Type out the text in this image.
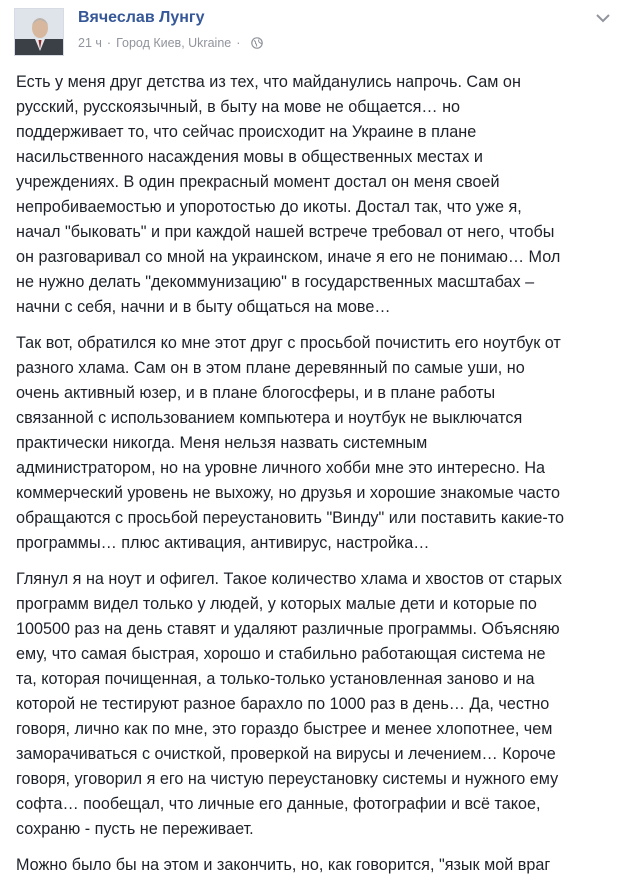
Вячеслав Лунгу
21 ч · Город Киев, Ukraine ·

Есть у меня друг детства из тех, что майданулись напрочь. Сам он
русский, русскоязычный, в быту на мове не общается… но
поддерживает то, что сейчас происходит на Украине в плане
насильственного насаждения мовы в общественных местах и
учреждениях. В один прекрасный момент достал он меня своей
непробиваемостью и упоротостью до икоты. Достал так, что уже я,
начал "быковать" и при каждой нашей встрече требовал от него, чтобы
он разговаривал со мной на украинском, иначе я его не понимаю… Мол
не нужно делать "декоммунизацию" в государственных масштабах –
начни с себя, начни и в быту общаться на мове…

Так вот, обратился ко мне этот друг с просьбой почистить его ноутбук от
разного хлама. Сам он в этом плане деревянный по самые уши, но
очень активный юзер, и в плане блогосферы, и в плане работы
связанной с использованием компьютера и ноутбук не выключатся
практически никогда. Меня нельзя назвать системным
администратором, но на уровне личного хобби мне это интересно. На
коммерческий уровень не выхожу, но друзья и хорошие знакомые часто
обращаются с просьбой переустановить "Винду" или поставить какие-то
программы… плюс активация, антивирус, настройка…

Глянул я на ноут и офигел. Такое количество хлама и хвостов от старых
программ видел только у людей, у которых малые дети и которые по
100500 раз на день ставят и удаляют различные программы. Объясняю
ему, что самая быстрая, хорошо и стабильно работающая система не
та, которая почищенная, а только-только установленная заново и на
которой не тестируют разное барахло по 1000 раз в день… Да, честно
говоря, лично как по мне, это гораздо быстрее и менее хлопотнее, чем
заморачиваться с очисткой, проверкой на вирусы и лечением… Короче
говоря, уговорил я его на чистую переустановку системы и нужного ему
софта… пообещал, что личные его данные, фотографии и всё такое,
сохраню - пусть не переживает.

Можно было бы на этом и закончить, но, как говорится, "язык мой враг
